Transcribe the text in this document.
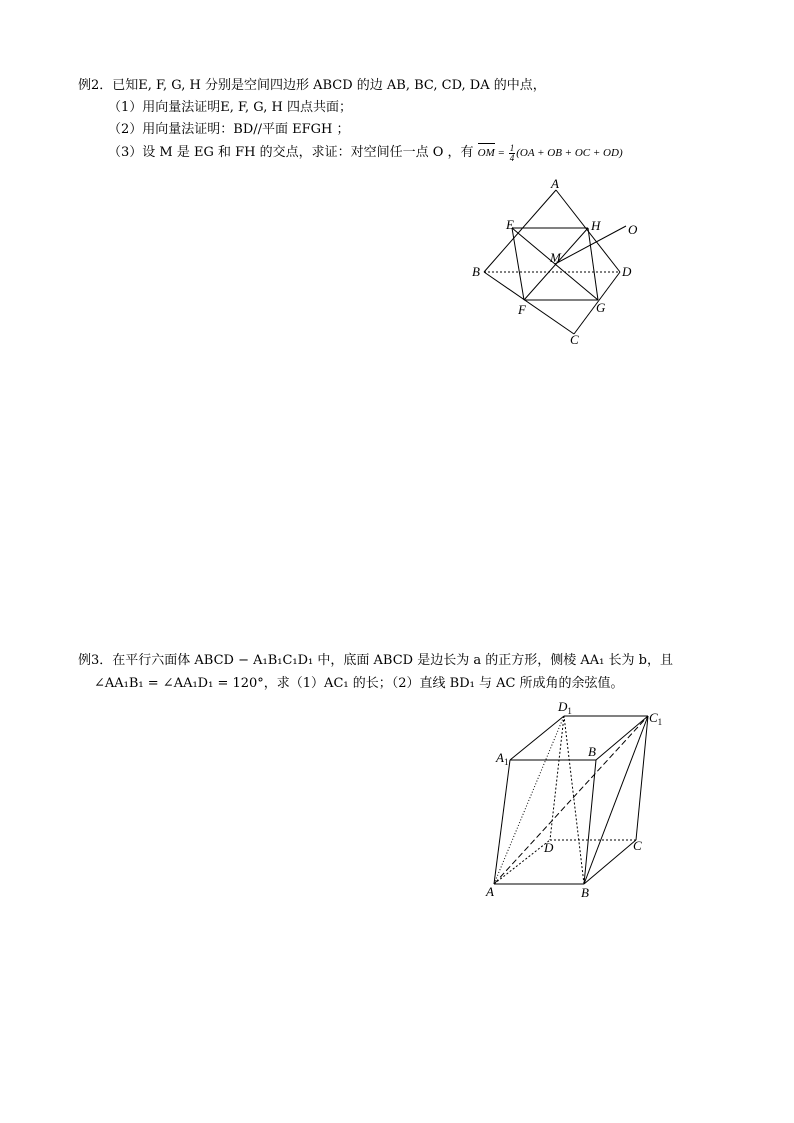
例2．已知E, F, G, H 分别是空间四边形 ABCD 的边 AB, BC, CD, DA 的中点，
（1）用向量法证明E, F, G, H 四点共面；
（2）用向量法证明：BD//平面 EFGH ；
（3）设 M 是 EG 和 FH 的交点，求证：对空间任一点 O ，有 OM = $\frac{1}{4} (OA$ + OB + OC + OD)
A
E	H O
B
M
D
F	G
C
例3．在平行六面体 ABCD − A₁B₁C₁D₁ 中，底面 ABCD 是边长为 a 的正方形，侧棱 AA₁ 长为 b，且
∠AA₁B₁ = ∠AA₁D₁ = 120°，求（1）AC₁ 的长；（2）直线 BD₁ 与 AC 所成角的余弦值。
$D_1$	$C_1$
$A_1$
B
D	C
A	B
